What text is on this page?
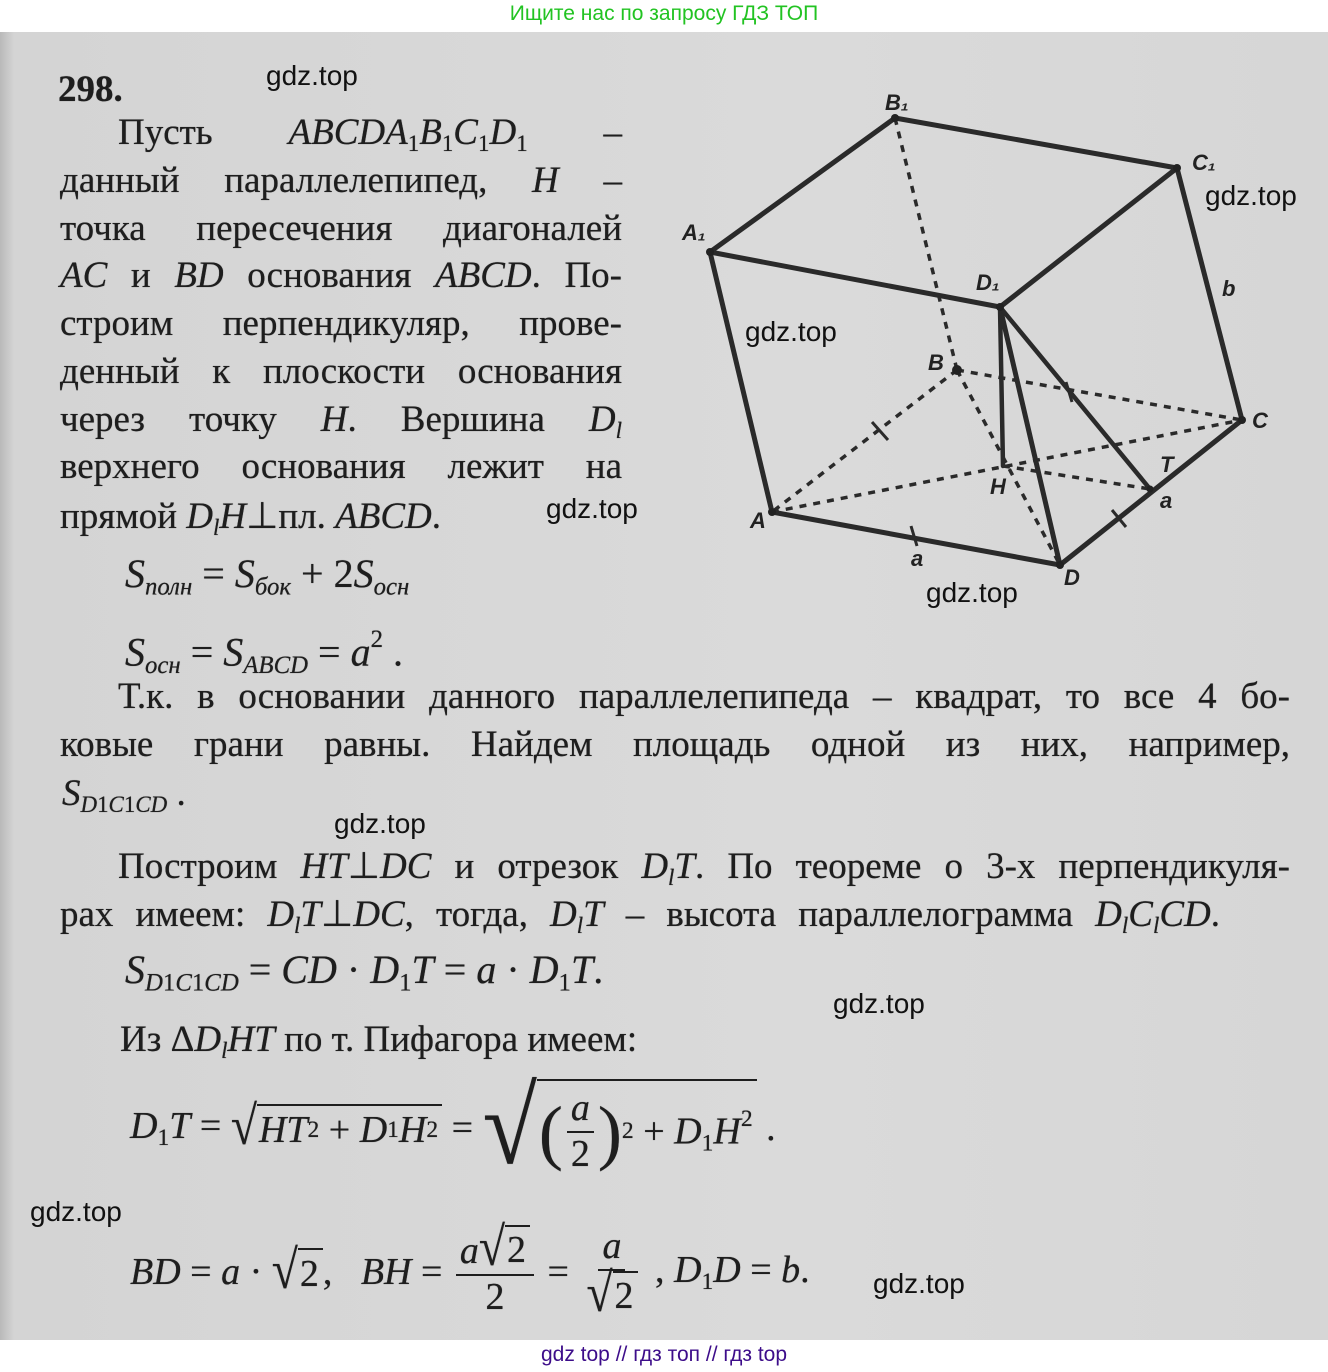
Ищите нас по запросу ГДЗ ТОП
298.
Пусть ABCDA1B1C1D1 –
данный параллелепипед, H –
точка пересечения диагоналей
AC и BD основания ABCD. По-
строим перпендикуляр, прове-
денный к плоскости основания
через точку H. Вершина Dl
верхнего основания лежит на
прямой DlH⊥пл. ABCD.
Sполн = Sбок + 2Sосн
Sосн = SABCD = $a^2$ .
Т.к. в основании данного параллелепипеда – квадрат, то все 4 бо-
ковые грани равны. Найдем площадь одной из них, например,
SD1C1CD .
Построим HT⊥DC и отрезок DlT. По теореме о 3-х перпендикуля-
рах имеем: DlT⊥DC, тогда, DlT – высота параллелограмма DlClCD.
SD1C1CD = CD · D1T = a · D1T.
Из ΔDlHT по т. Пифагора имеем:
D1T = √ HT 2 + D 1 H 2 = √ ( $\frac{a}{2}$ ) $2 + D1H^2$ .
BD = a · √ 2 , BH = $\frac{a √ 2}{2} = \frac{a}{√ 2}$ , D1D = b.
B₁
C₁
A₁
D₁
B
C
A
D
H
T
a
a
b
gdz.top
gdz.top
gdz.top
gdz.top
gdz.top
gdz.top
gdz.top
gdz.top
gdz.top
gdz top // гдз топ // гдз top
